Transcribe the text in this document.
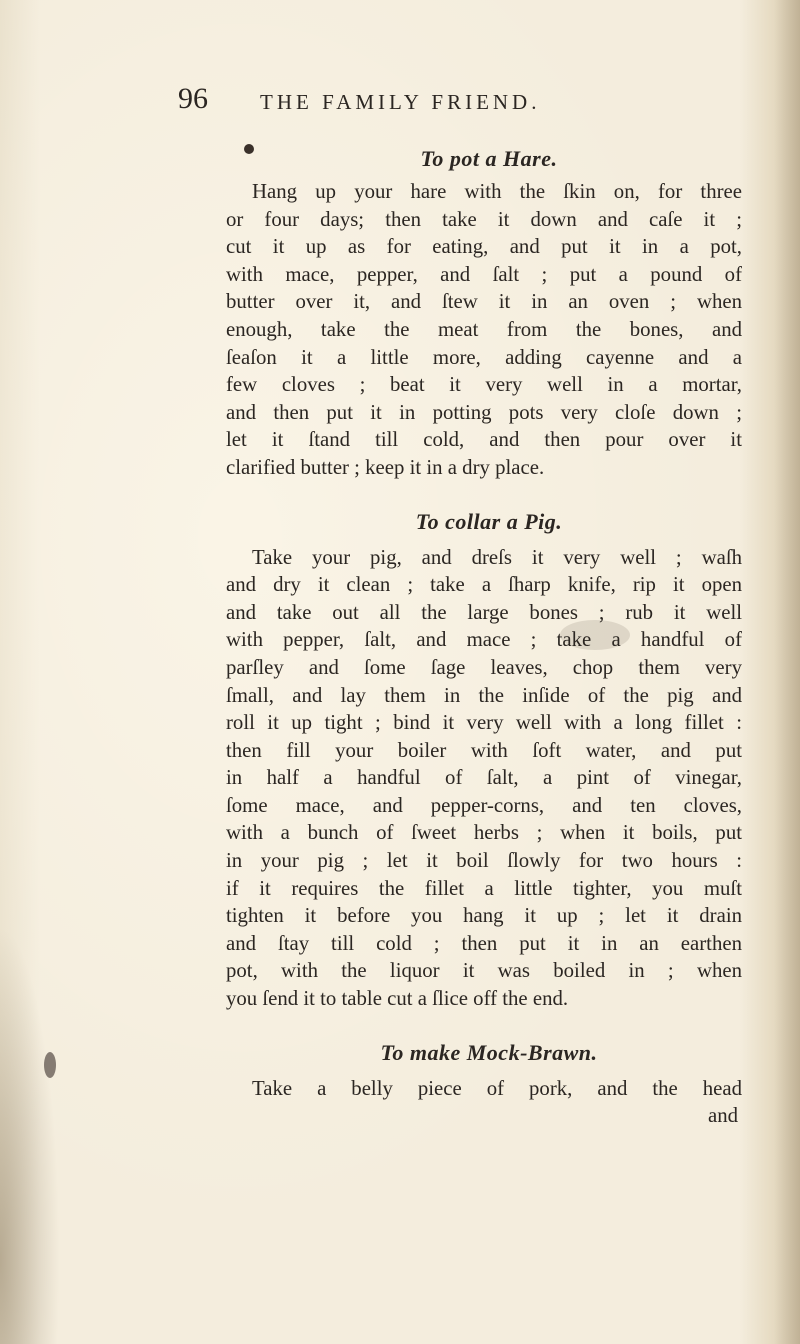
96 THE FAMILY FRIEND.
To pot a Hare.
Hang up your hare with the ſkin on, for three
or four days; then take it down and caſe it ;
cut it up as for eating, and put it in a pot,
with mace, pepper, and ſalt ; put a pound of
butter over it, and ſtew it in an oven ; when
enough, take the meat from the bones, and
ſeaſon it a little more, adding cayenne and a
few cloves ; beat it very well in a mortar,
and then put it in potting pots very cloſe down ;
let it ſtand till cold, and then pour over it
clarified butter ; keep it in a dry place.
To collar a Pig.
Take your pig, and dreſs it very well ; waſh
and dry it clean ; take a ſharp knife, rip it open
and take out all the large bones ; rub it well
with pepper, ſalt, and mace ; take a handful of
parſley and ſome ſage leaves, chop them very
ſmall, and lay them in the inſide of the pig and
roll it up tight ; bind it very well with a long fillet :
then fill your boiler with ſoft water, and put
in half a handful of ſalt, a pint of vinegar,
ſome mace, and pepper-corns, and ten cloves,
with a bunch of ſweet herbs ; when it boils, put
in your pig ; let it boil ſlowly for two hours :
if it requires the fillet a little tighter, you muſt
tighten it before you hang it up ; let it drain
and ſtay till cold ; then put it in an earthen
pot, with the liquor it was boiled in ; when
you ſend it to table cut a ſlice off the end.
To make Mock-Brawn.
Take a belly piece of pork, and the head
and
